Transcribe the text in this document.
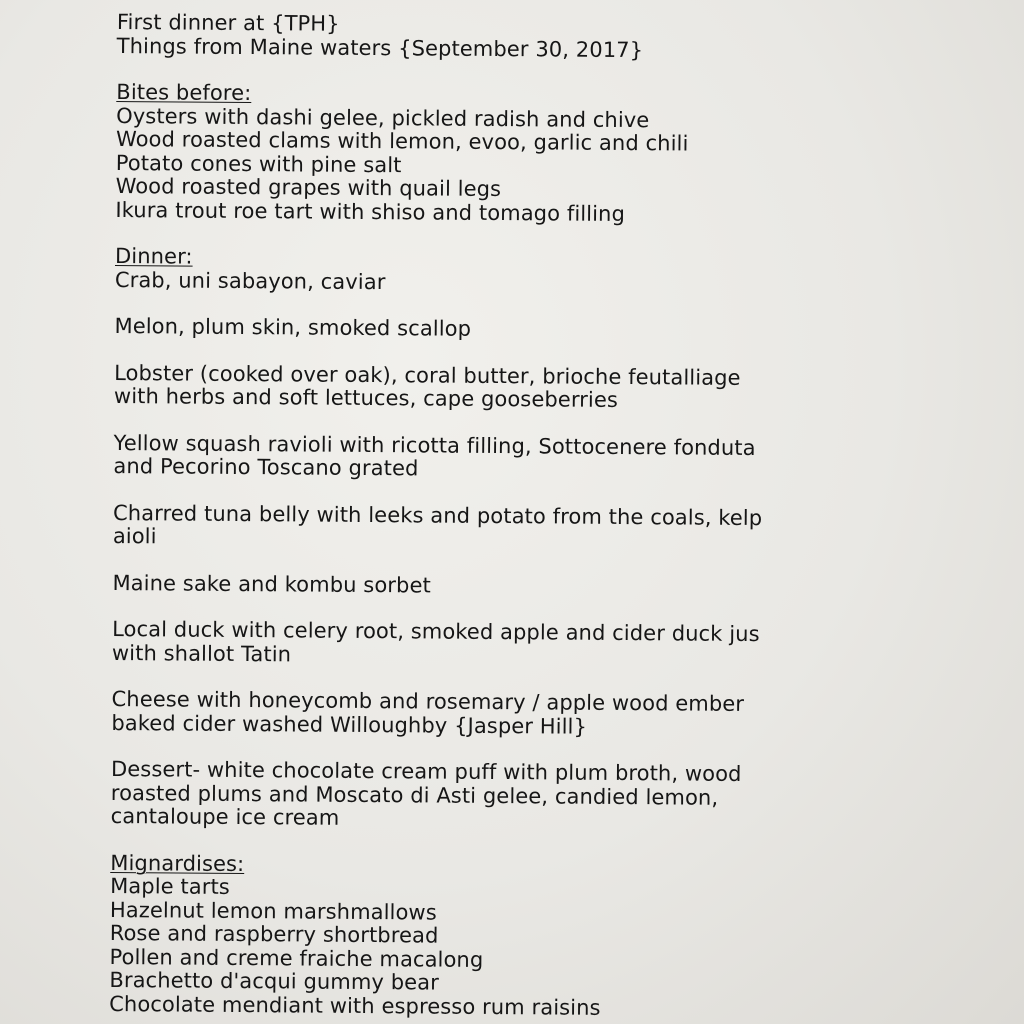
First dinner at {TPH}
Things from Maine waters {September 30, 2017}
Bites before:
Oysters with dashi gelee, pickled radish and chive
Wood roasted clams with lemon, evoo, garlic and chili
Potato cones with pine salt
Wood roasted grapes with quail legs
Ikura trout roe tart with shiso and tomago filling
Dinner:
Crab, uni sabayon, caviar
Melon, plum skin, smoked scallop
Lobster (cooked over oak), coral butter, brioche feutalliage
with herbs and soft lettuces, cape gooseberries
Yellow squash ravioli with ricotta filling, Sottocenere fonduta
and Pecorino Toscano grated
Charred tuna belly with leeks and potato from the coals, kelp
aioli
Maine sake and kombu sorbet
Local duck with celery root, smoked apple and cider duck jus
with shallot Tatin
Cheese with honeycomb and rosemary / apple wood ember
baked cider washed Willoughby {Jasper Hill}
Dessert- white chocolate cream puff with plum broth, wood
roasted plums and Moscato di Asti gelee, candied lemon,
cantaloupe ice cream
Mignardises:
Maple tarts
Hazelnut lemon marshmallows
Rose and raspberry shortbread
Pollen and creme fraiche macalong
Brachetto d'acqui gummy bear
Chocolate mendiant with espresso rum raisins
